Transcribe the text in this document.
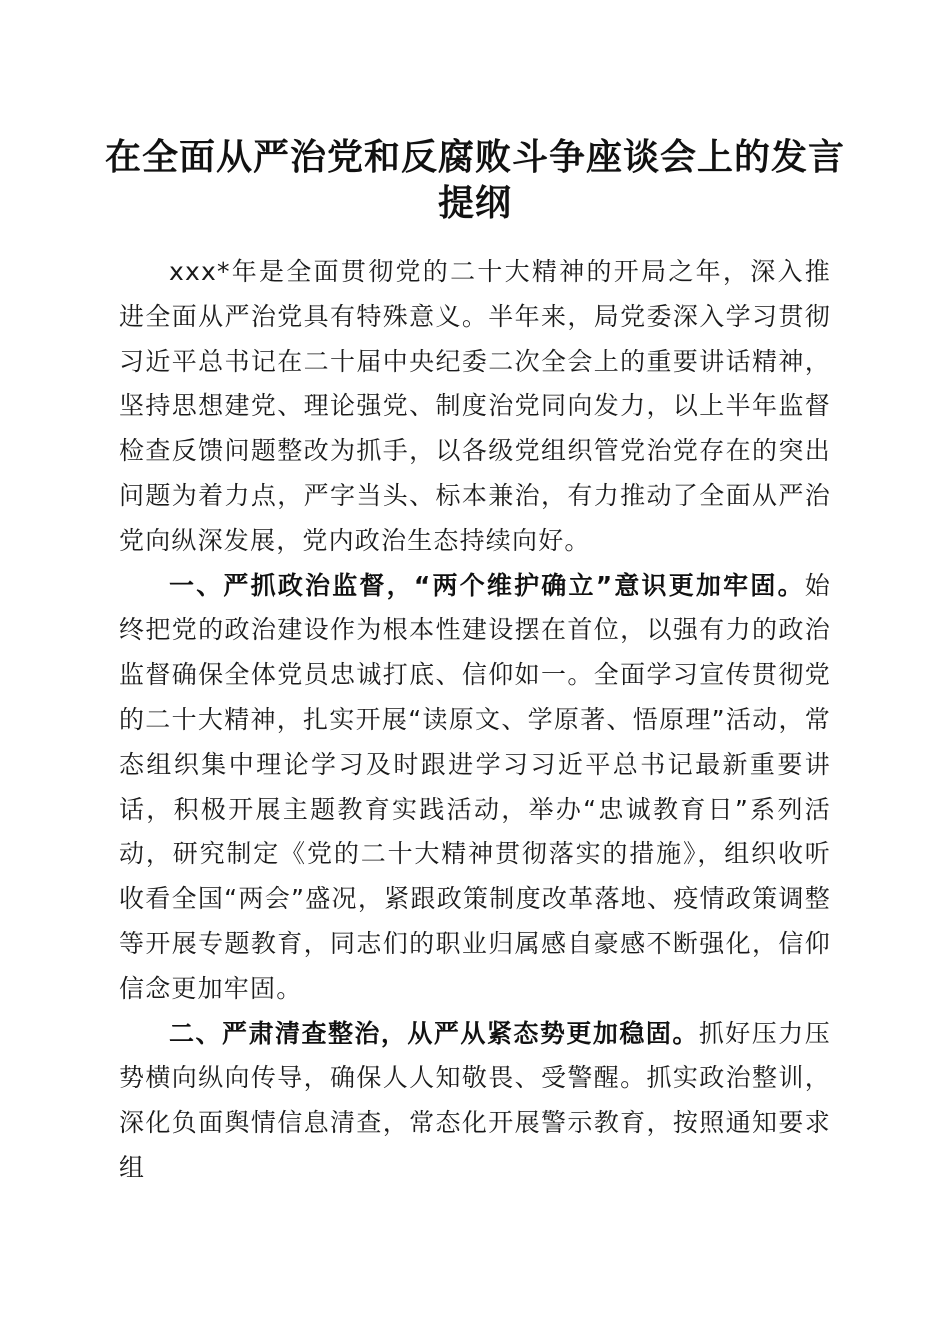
在全面从严治党和反腐败斗争座谈会上的发言
提纲

xxx*年是全面贯彻党的二十大精神的开局之年，深入推进全面从严治党具有特殊意义。半年来，局党委深入学习贯彻习近平总书记在二十届中央纪委二次全会上的重要讲话精神，坚持思想建党、理论强党、制度治党同向发力，以上半年监督检查反馈问题整改为抓手，以各级党组织管党治党存在的突出问题为着力点，严字当头、标本兼治，有力推动了全面从严治党向纵深发展，党内政治生态持续向好。

一、严抓政治监督，“两个维护确立”意识更加牢固。始终把党的政治建设作为根本性建设摆在首位，以强有力的政治监督确保全体党员忠诚打底、信仰如一。全面学习宣传贯彻党的二十大精神，扎实开展“读原文、学原著、悟原理”活动，常态组织集中理论学习及时跟进学习习近平总书记最新重要讲话，积极开展主题教育实践活动，举办“忠诚教育日”系列活动，研究制定《党的二十大精神贯彻落实的措施》，组织收听收看全国“两会”盛况，紧跟政策制度改革落地、疫情政策调整等开展专题教育，同志们的职业归属感自豪感不断强化，信仰信念更加牢固。

二、严肃清查整治，从严从紧态势更加稳固。抓好压力压势横向纵向传导，确保人人知敬畏、受警醒。抓实政治整训，深化负面舆情信息清查，常态化开展警示教育，按照通知要求组
